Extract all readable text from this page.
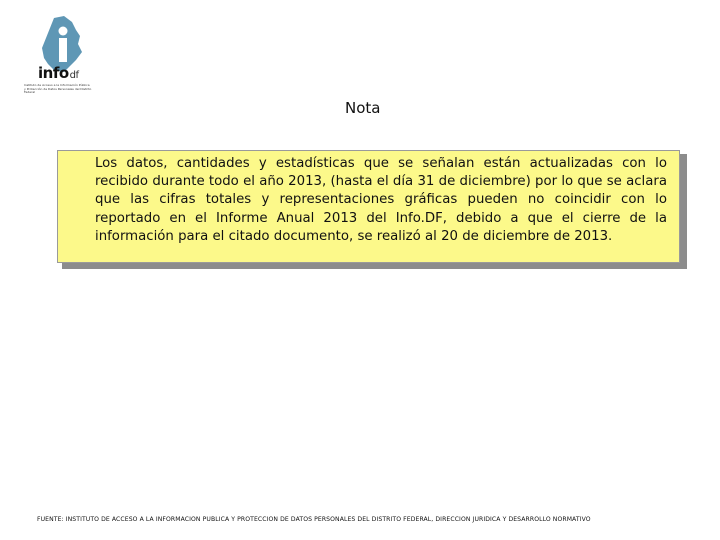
infodf
Instituto de Acceso a la Información Pública
y Protección de Datos Personales del Distrito Federal
Nota
Los datos, cantidades y estadísticas que se señalan están actualizadas con lo recibido durante todo el año 2013, (hasta el día 31 de diciembre) por lo que se aclara que las cifras totales y representaciones gráficas pueden no coincidir con lo reportado en el Informe Anual 2013 del Info.DF, debido a que el cierre de la información para el citado documento, se realizó al 20 de diciembre de 2013.
FUENTE: INSTITUTO DE ACCESO A LA INFORMACION PUBLICA Y PROTECCION DE DATOS PERSONALES DEL DISTRITO FEDERAL, DIRECCION JURIDICA Y DESARROLLO NORMATIVO
